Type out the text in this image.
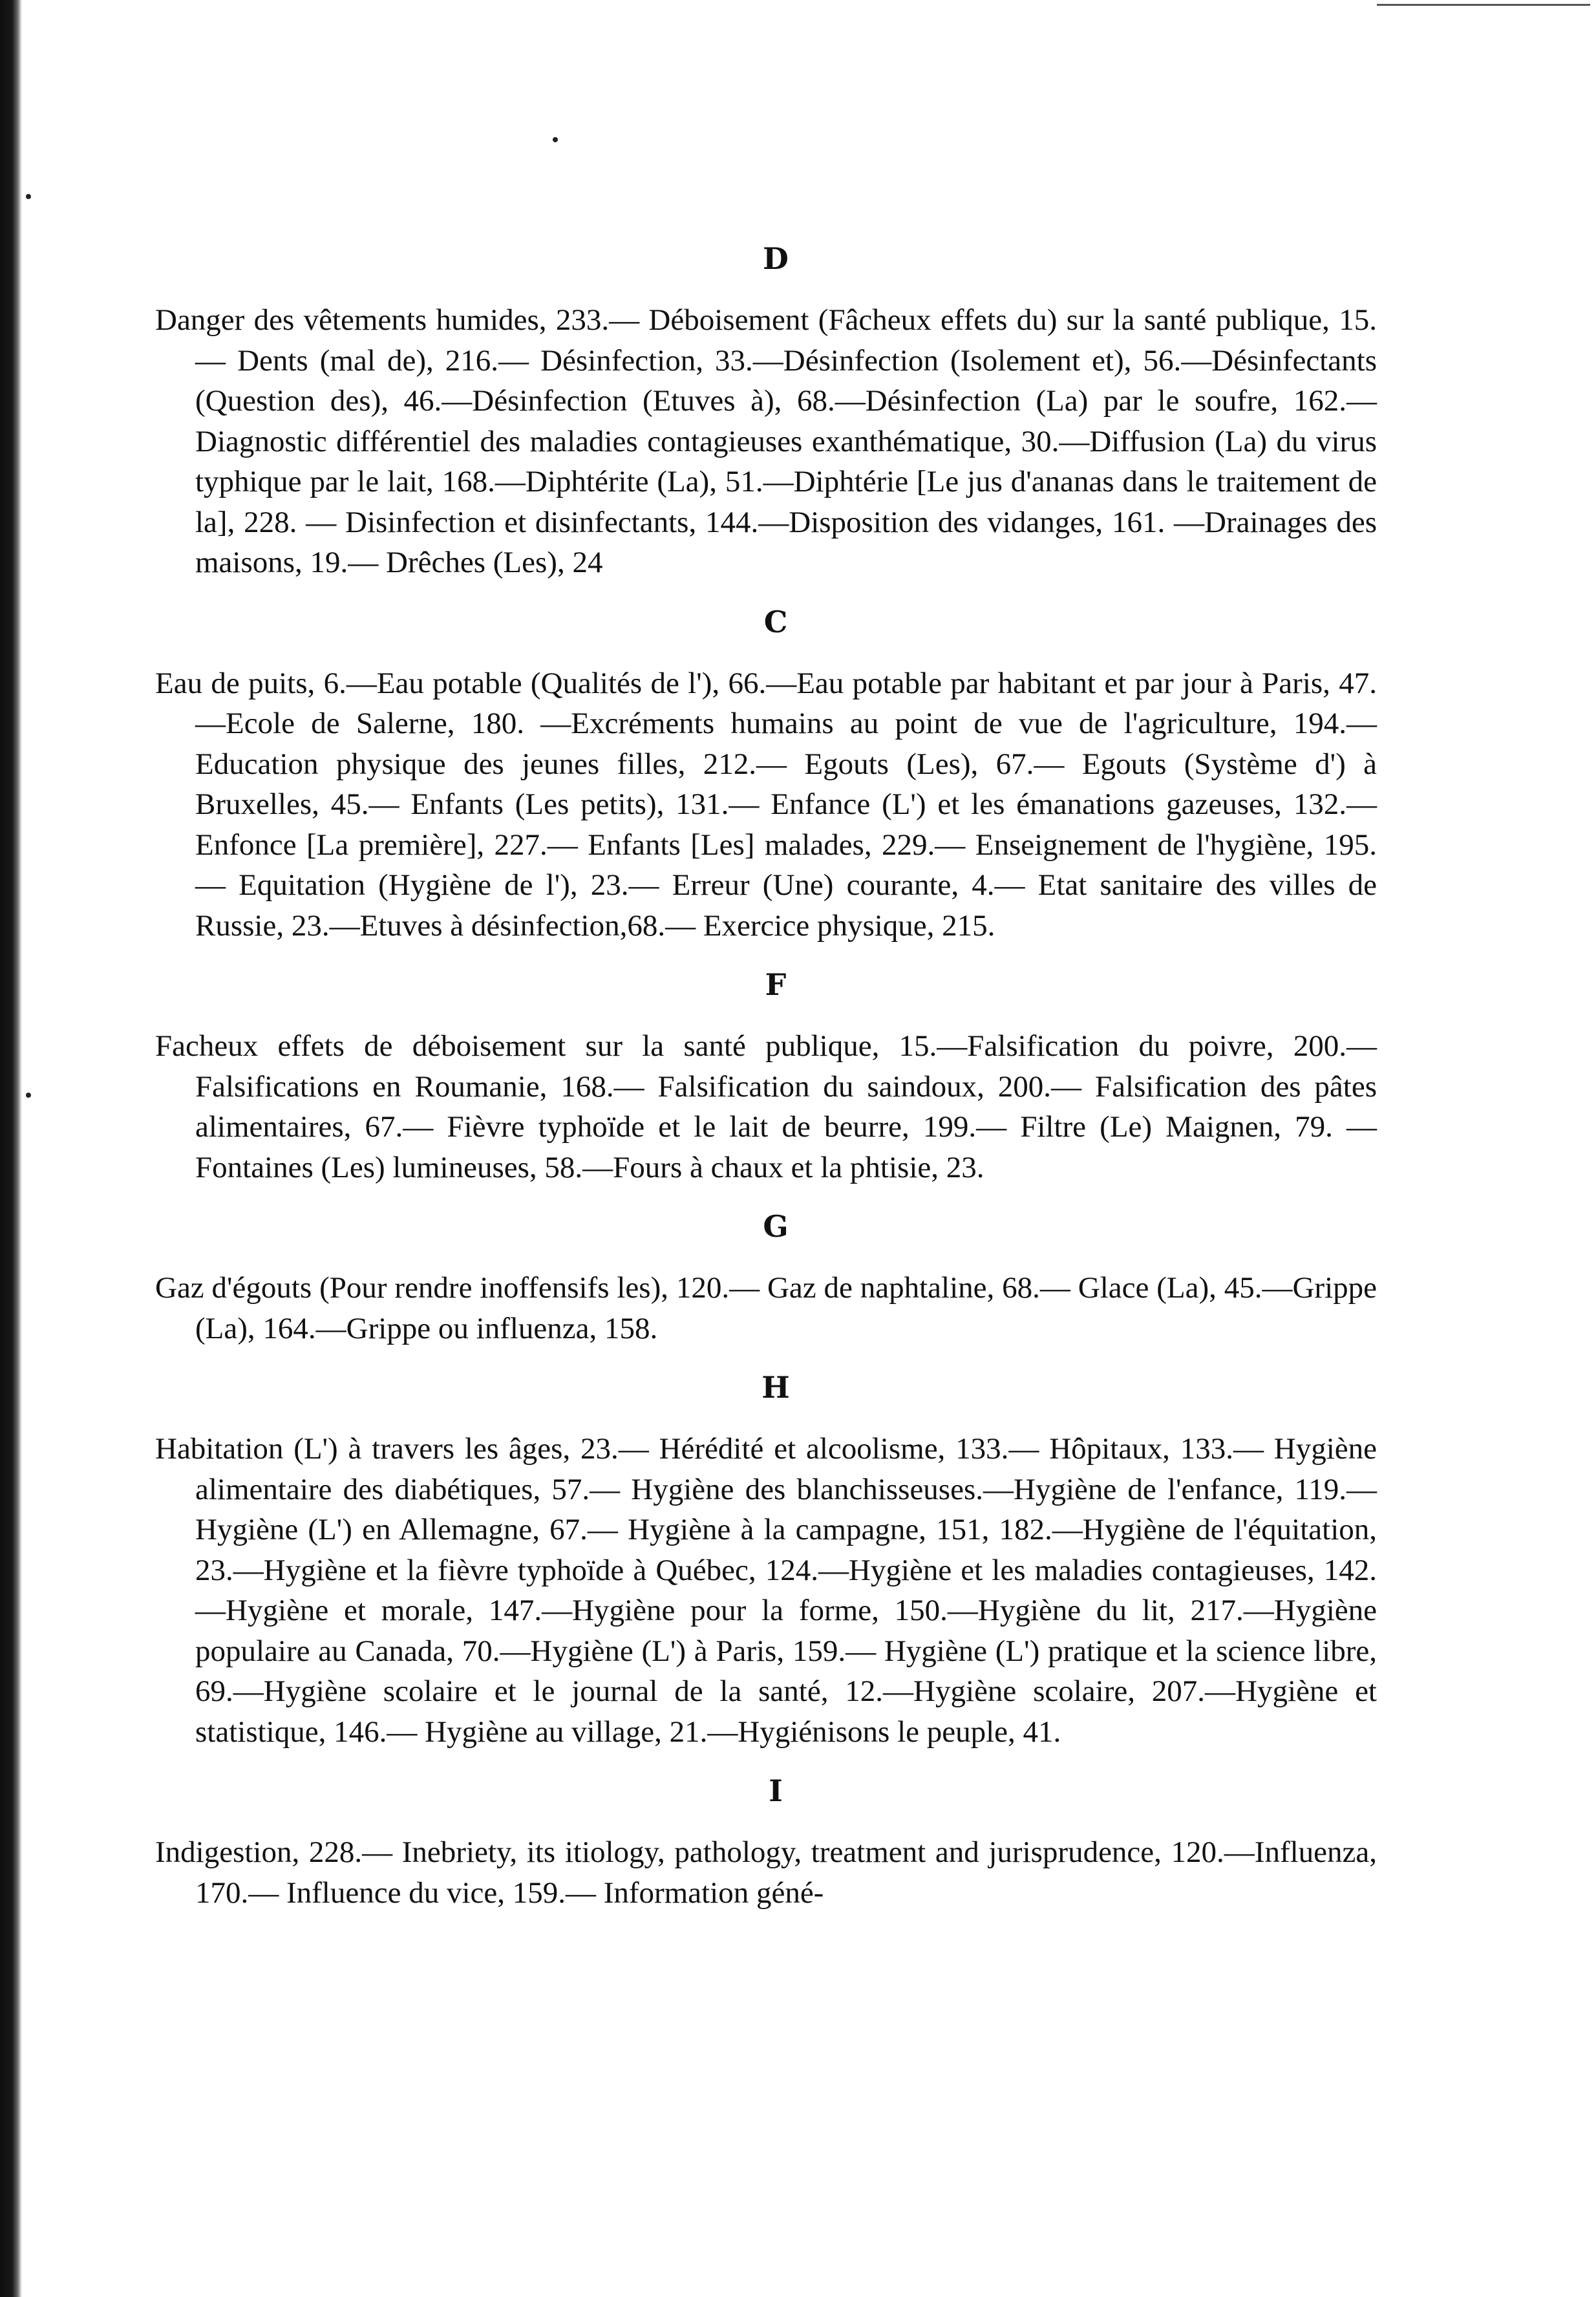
D

Danger des vêtements humides, 233.— Déboisement (Fâcheux effets du) sur la santé publique, 15. — Dents (mal de), 216.— Désinfection, 33.—Désinfection (Isolement et), 56.—Désinfectants (Question des), 46.—Désinfection (Etuves à), 68.—Désinfection (La) par le soufre, 162.— Diagnostic différentiel des maladies contagieuses exanthématique, 30.—Diffusion (La) du virus typhique par le lait, 168.—Diphtérite (La), 51.—Diphtérie [Le jus d'ananas dans le traitement de la], 228. — Disinfection et disinfectants, 144.—Disposition des vidanges, 161. —Drainages des maisons, 19.— Drêches (Les), 24

C

Eau de puits, 6.—Eau potable (Qualités de l'), 66.—Eau potable par habitant et par jour à Paris, 47.—Ecole de Salerne, 180. —Excréments humains au point de vue de l'agriculture, 194.— Education physique des jeunes filles, 212.— Egouts (Les), 67.— Egouts (Système d') à Bruxelles, 45.— Enfants (Les petits), 131.— Enfance (L') et les émanations gazeuses, 132.—Enfonce [La première], 227.— Enfants [Les] malades, 229.— Enseignement de l'hygiène, 195.— Equitation (Hygiène de l'), 23.— Erreur (Une) courante, 4.— Etat sanitaire des villes de Russie, 23.—Etuves à désinfection,68.— Exercice physique, 215.

F

Facheux effets de déboisement sur la santé publique, 15.—Falsification du poivre, 200.— Falsifications en Roumanie, 168.— Falsification du saindoux, 200.— Falsification des pâtes alimentaires, 67.— Fièvre typhoïde et le lait de beurre, 199.— Filtre (Le) Maignen, 79. — Fontaines (Les) lumineuses, 58.—Fours à chaux et la phtisie, 23.

G

Gaz d'égouts (Pour rendre inoffensifs les), 120.— Gaz de naphtaline, 68.— Glace (La), 45.—Grippe (La), 164.—Grippe ou influenza, 158.

H

Habitation (L') à travers les âges, 23.— Hérédité et alcoolisme, 133.— Hôpitaux, 133.— Hygiène alimentaire des diabétiques, 57.— Hygiène des blanchisseuses.—Hygiène de l'enfance, 119.—Hygiène (L') en Allemagne, 67.— Hygiène à la campagne, 151, 182.—Hygiène de l'équitation, 23.—Hygiène et la fièvre typhoïde à Québec, 124.—Hygiène et les maladies contagieuses, 142.—Hygiène et morale, 147.—Hygiène pour la forme, 150.—Hygiène du lit, 217.—Hygiène populaire au Canada, 70.—Hygiène (L') à Paris, 159.— Hygiène (L') pratique et la science libre, 69.—Hygiène scolaire et le journal de la santé, 12.—Hygiène scolaire, 207.—Hygiène et statistique, 146.— Hygiène au village, 21.—Hygiénisons le peuple, 41.

I

Indigestion, 228.— Inebriety, its itiology, pathology, treatment and jurisprudence, 120.—Influenza, 170.— Influence du vice, 159.— Information géné-
